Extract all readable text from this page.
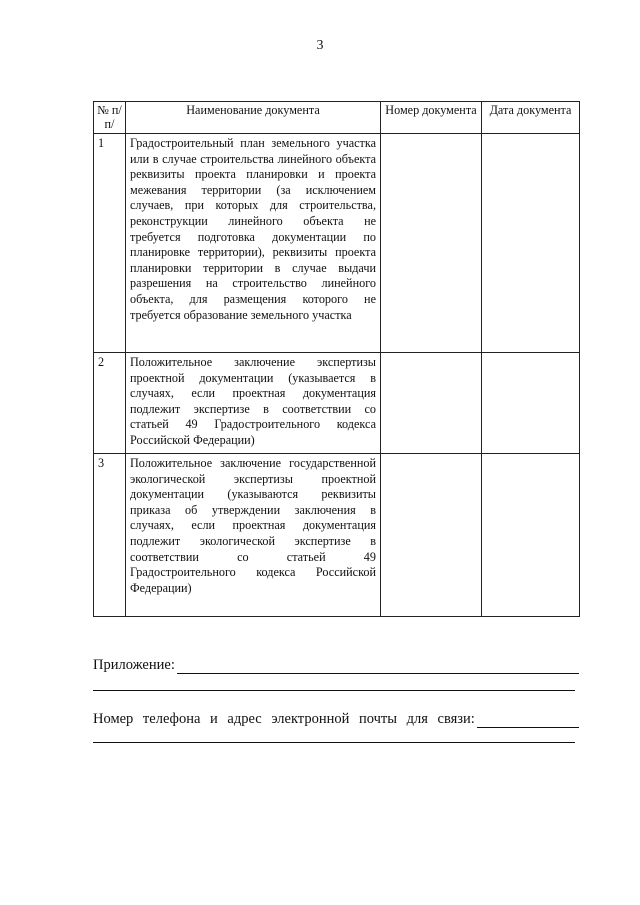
3
№ п/п/	Наименование документа	Номер документа	Дата документа
1	Градостроительный план земельного участка или в случае строительства линейного объекта реквизиты проекта планировки и проекта межевания территории (за исключением случаев, при которых для строительства, реконструкции линейного объекта не требуется подготовка документации по планировке территории), реквизиты проекта планировки территории в случае выдачи разрешения на строительство линейного объекта, для размещения которого не требуется образование земельного участка		
2	Положительное заключение экспертизы проектной документации (указывается в случаях, если проектная документация подлежит экспертизе в соответствии со статьей 49 Градостроительного кодекса Российской Федерации)		
3	Положительное заключение государственной экологической экспертизы проектной документации (указываются реквизиты приказа об утверждении заключения в случаях, если проектная документация подлежит экологической экспертизе в соответствии со статьей 49 Градостроительного кодекса Российской Федерации)		
Приложение:
Номер телефона и адрес электронной почты для связи:
